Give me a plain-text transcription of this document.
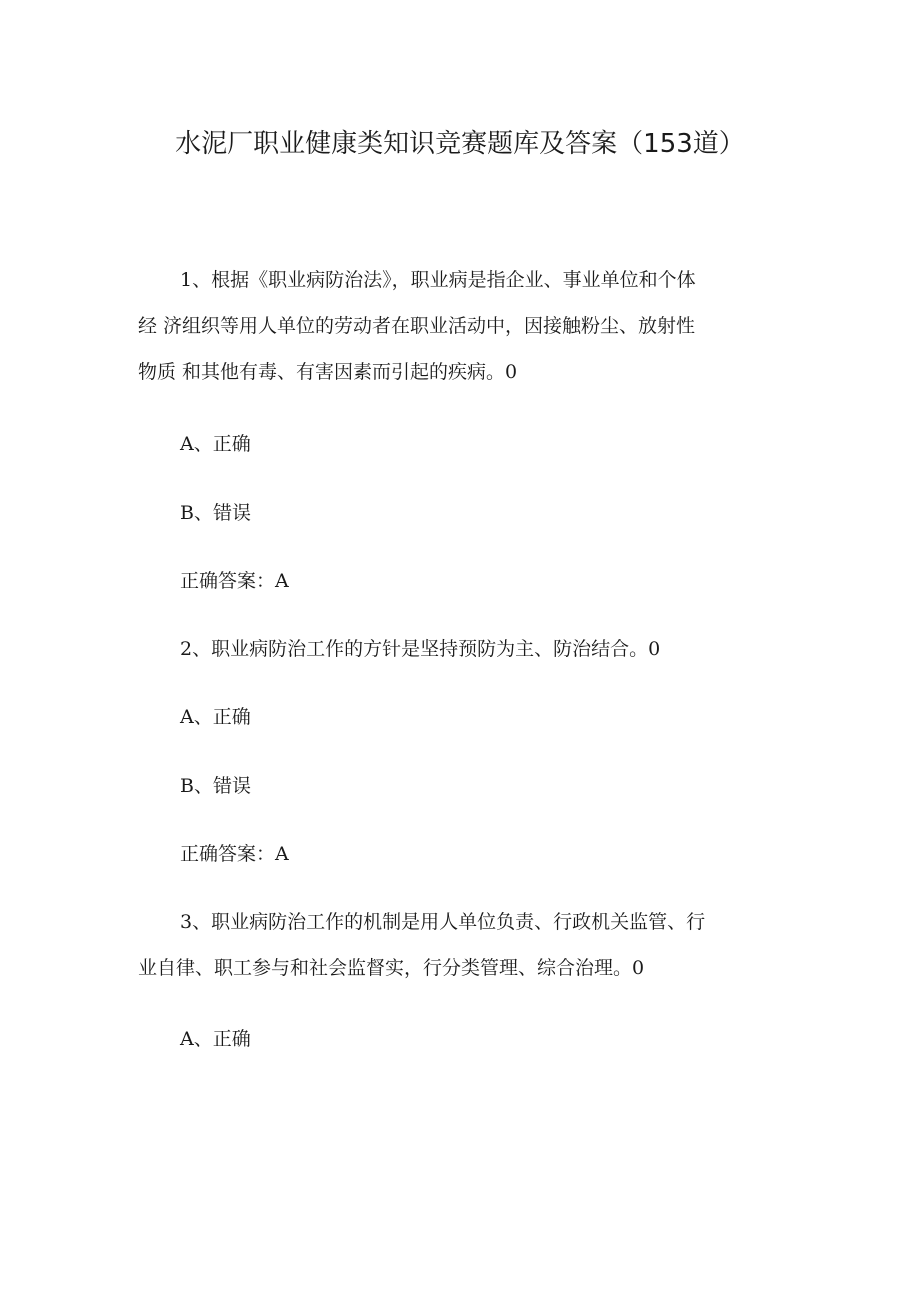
水泥厂职业健康类知识竞赛题库及答案（153道）
1、根据《职业病防治法》，职业病是指企业、事业单位和个体
经 济组织等用人单位的劳动者在职业活动中，因接触粉尘、放射性
物质 和其他有毒、有害因素而引起的疾病。0
A、正确
B、错误
正确答案：A
2、职业病防治工作的方针是坚持预防为主、防治结合。0
A、正确
B、错误
正确答案：A
3、职业病防治工作的机制是用人单位负责、行政机关监管、行
业自律、职工参与和社会监督实，行分类管理、综合治理。0
A、正确
